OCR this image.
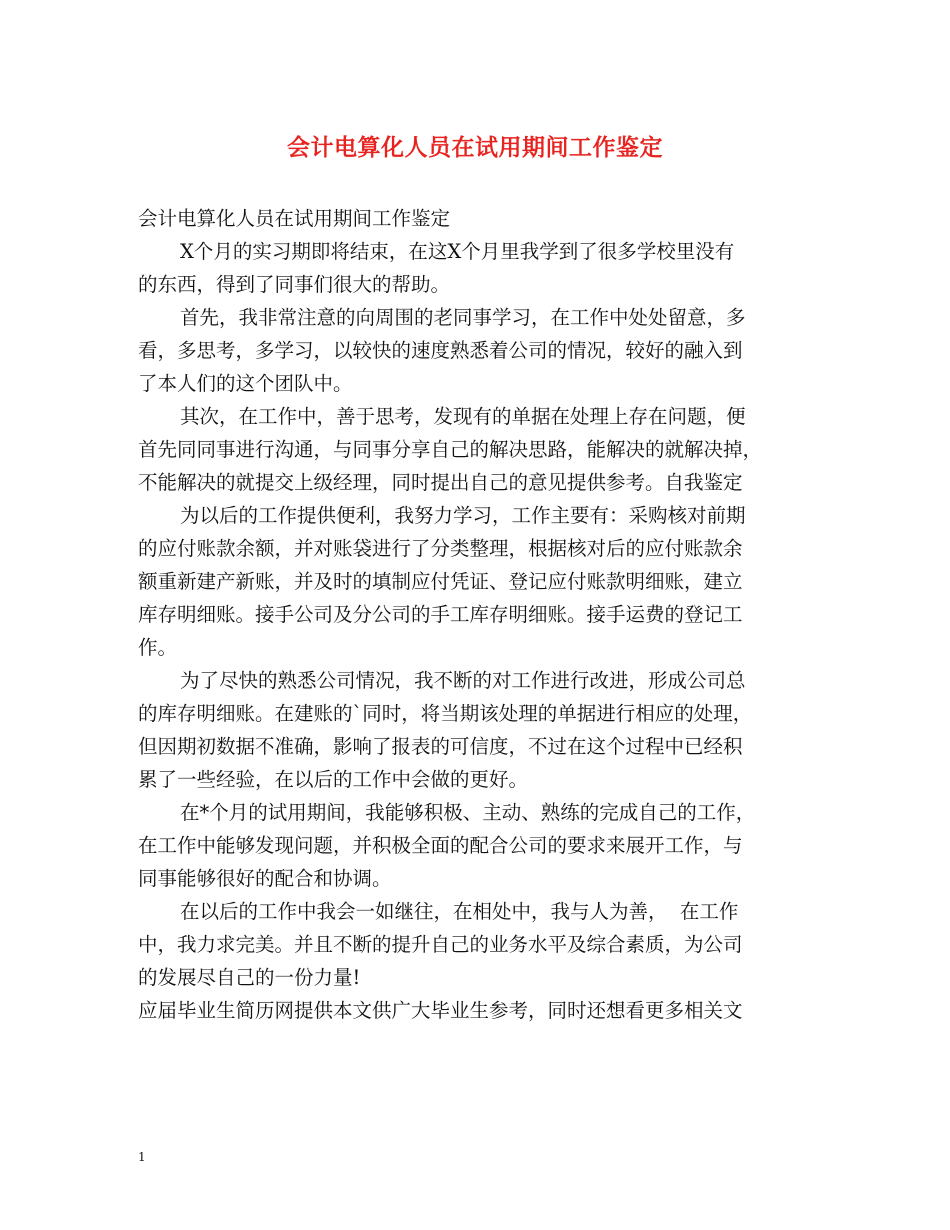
会计电算化人员在试用期间工作鉴定
会计电算化人员在试用期间工作鉴定
X个月的实习期即将结束，在这X个月里我学到了很多学校里没有
的东西，得到了同事们很大的帮助。
首先，我非常注意的向周围的老同事学习，在工作中处处留意，多
看，多思考，多学习，以较快的速度熟悉着公司的情况，较好的融入到
了本人们的这个团队中。
其次，在工作中，善于思考，发现有的单据在处理上存在问题，便
首先同同事进行沟通，与同事分享自己的解决思路，能解决的就解决掉，
不能解决的就提交上级经理，同时提出自己的意见提供参考。自我鉴定
为以后的工作提供便利，我努力学习，工作主要有：采购核对前期
的应付账款余额，并对账袋进行了分类整理，根据核对后的应付账款余
额重新建产新账，并及时的填制应付凭证、登记应付账款明细账，建立
库存明细账。接手公司及分公司的手工库存明细账。接手运费的登记工
作。
为了尽快的熟悉公司情况，我不断的对工作进行改进，形成公司总
的库存明细账。在建账的`同时，将当期该处理的单据进行相应的处理，
但因期初数据不准确，影响了报表的可信度，不过在这个过程中已经积
累了一些经验，在以后的工作中会做的更好。
在*个月的试用期间，我能够积极、主动、熟练的完成自己的工作，
在工作中能够发现问题，并积极全面的配合公司的要求来展开工作，与
同事能够很好的配合和协调。
在以后的工作中我会一如继往，在相处中，我与人为善，  在工作
中，我力求完美。并且不断的提升自己的业务水平及综合素质，为公司
的发展尽自己的一份力量!
应届毕业生简历网提供本文供广大毕业生参考，同时还想看更多相关文
1
